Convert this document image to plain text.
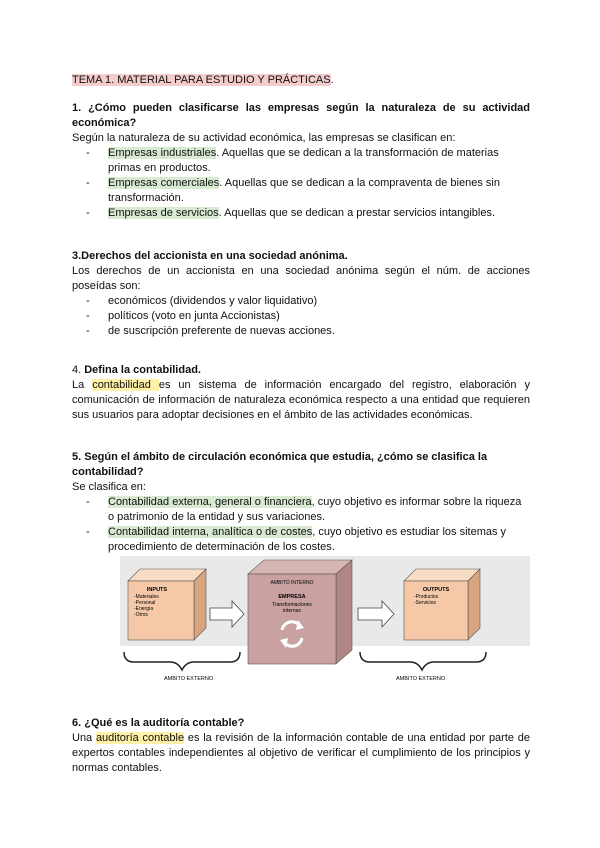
TEMA 1. MATERIAL PARA ESTUDIO Y PRÁCTICAS.
1. ¿Cómo pueden clasificarse las empresas según la naturaleza de su actividad económica?

Según la naturaleza de su actividad económica, las empresas se clasifican en:

- Empresas industriales. Aquellas que se dedican a la transformación de materias primas en productos.
- Empresas comerciales. Aquellas que se dedican a la compraventa de bienes sin transformación.
- Empresas de servicios. Aquellas que se dedican a prestar servicios intangibles.
3.Derechos del accionista en una sociedad anónima.

Los derechos de un accionista en una sociedad anónima según el núm. de acciones poseídas son:

- económicos (dividendos y valor liquidativo)
- políticos (voto en junta Accionistas)
- de suscripción preferente de nuevas acciones.
4. Defina la contabilidad.

La contabilidad es un sistema de información encargado del registro, elaboración y comunicación de información de naturaleza económica respecto a una entidad que requieren sus usuarios para adoptar decisiones en el ámbito de las actividades económicas.

5. Según el ámbito de circulación económica que estudia, ¿cómo se clasifica la contabilidad?

Se clasifica en:

- Contabilidad externa, general o financiera, cuyo objetivo es informar sobre la riqueza o patrimonio de la entidad y sus variaciones.
- Contabilidad interna, analítica o de costes, cuyo objetivo es estudiar los sitemas y procedimiento de determinación de los costes.
INPUTS
-Materiales
-Personal
-Energía
-Otros
AMBITO INTERNO
EMPRESA
Transformaciones
internas
OUTPUTS
-Productos
-Servicios
AMBITO EXTERNO	AMBITO EXTERNO
6. ¿Qué es la auditoría contable?

Una auditoría contable es la revisión de la información contable de una entidad por parte de expertos contables independientes al objetivo de verificar el cumplimiento de los principios y normas contables.
